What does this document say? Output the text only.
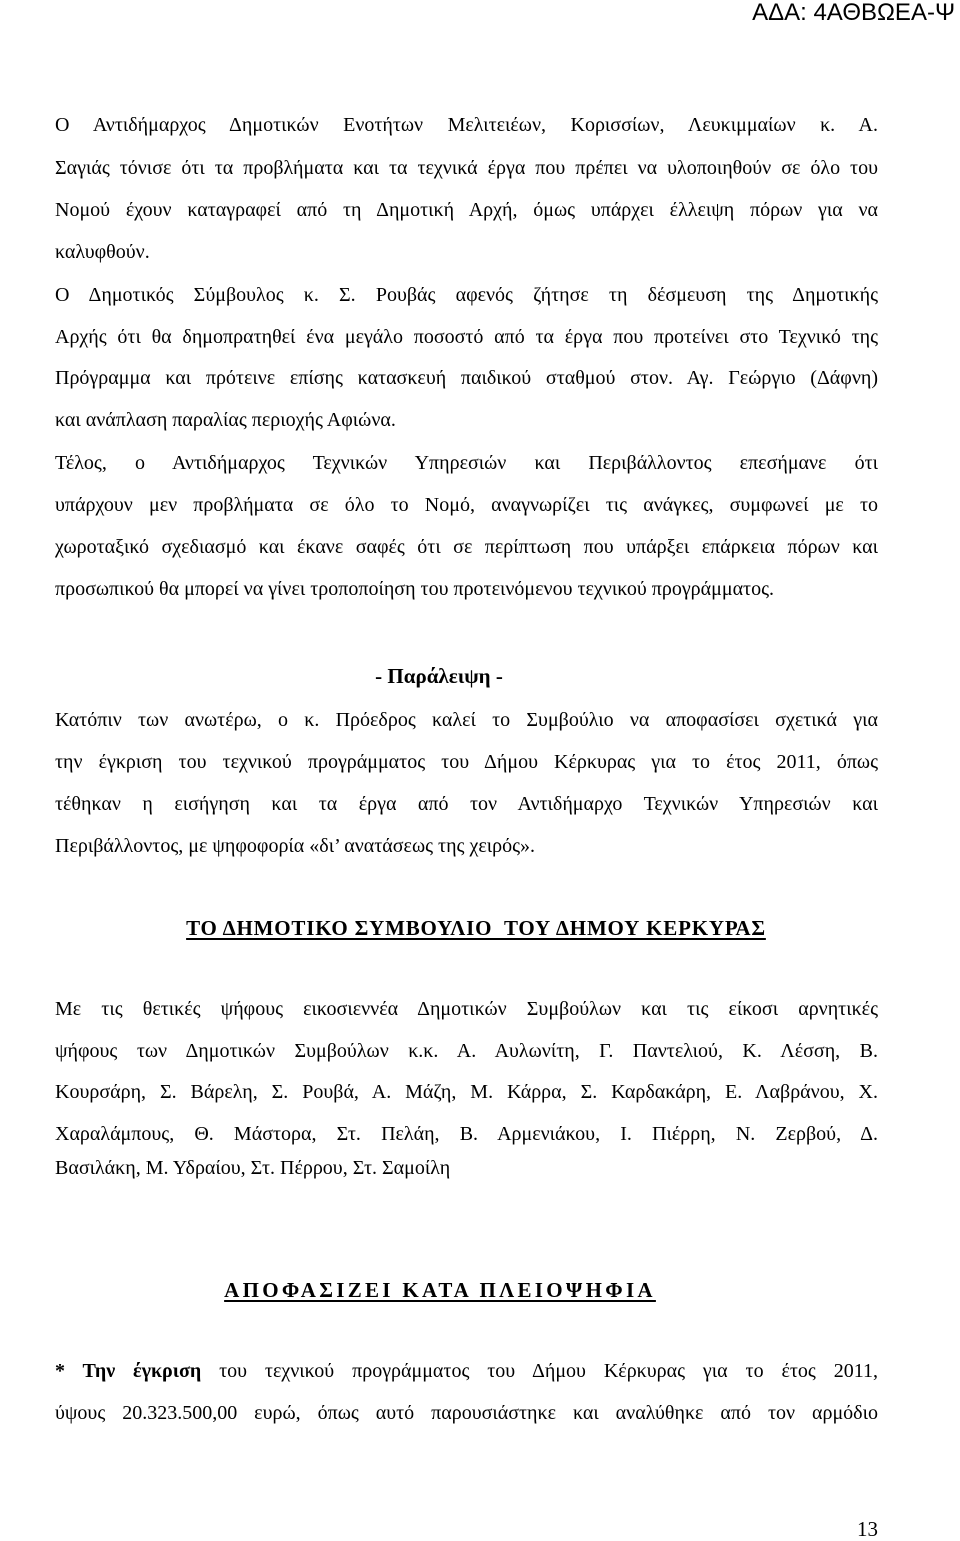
ΑΔΑ: 4ΑΘΒΩΕΑ-Ψ
Ο Αντιδήμαρχος Δημοτικών Ενοτήτων Μελιτειέων, Κορισσίων, Λευκιμμαίων κ. Α.
Σαγιάς τόνισε ότι τα προβλήματα και τα τεχνικά έργα που πρέπει να υλοποιηθούν σε όλο του
Νομού έχουν καταγραφεί από τη Δημοτική Αρχή, όμως υπάρχει έλλειψη πόρων για να
καλυφθούν.
Ο Δημοτικός Σύμβουλος κ. Σ. Ρουβάς αφενός ζήτησε τη δέσμευση της Δημοτικής
Αρχής ότι θα δημοπρατηθεί ένα μεγάλο ποσοστό από τα έργα που προτείνει στο Τεχνικό της
Πρόγραμμα και πρότεινε επίσης κατασκευή παιδικού σταθμού στον. Αγ. Γεώργιο (Δάφνη)
και ανάπλαση παραλίας περιοχής Αφιώνα.
Τέλος, ο Αντιδήμαρχος Τεχνικών Υπηρεσιών και Περιβάλλοντος επεσήμανε ότι
υπάρχουν μεν προβλήματα σε όλο το Νομό, αναγνωρίζει τις ανάγκες, συμφωνεί με το
χωροταξικό σχεδιασμό και έκανε σαφές ότι σε περίπτωση που υπάρξει επάρκεια πόρων και
προσωπικού θα μπορεί να γίνει τροποποίηση του προτεινόμενου τεχνικού προγράμματος.
- Παράλειψη -
Κατόπιν των ανωτέρω, ο κ. Πρόεδρος καλεί το Συμβούλιο να αποφασίσει σχετικά για
την έγκριση του τεχνικού προγράμματος του Δήμου Κέρκυρας για το έτος 2011, όπως
τέθηκαν η εισήγηση και τα έργα από τον Αντιδήμαρχο Τεχνικών Υπηρεσιών και
Περιβάλλοντος, με ψηφοφορία «δι’ ανατάσεως της χειρός».
ΤΟ ΔΗΜΟΤΙΚΟ ΣΥΜΒΟΥΛΙΟ  ΤΟΥ ΔΗΜΟΥ ΚΕΡΚΥΡΑΣ
Με τις θετικές ψήφους εικοσιεννέα Δημοτικών Συμβούλων και τις είκοσι αρνητικές
ψήφους των Δημοτικών Συμβούλων κ.κ. Α. Αυλωνίτη, Γ. Παντελιού, Κ. Λέσση, Β.
Κουρσάρη, Σ. Βάρελη, Σ. Ρουβά, Α. Μάζη, Μ. Κάρρα, Σ. Καρδακάρη, Ε. Λαβράνου, Χ.
Χαραλάμπους, Θ. Μάστορα, Στ. Πελάη, Β. Αρμενιάκου, Ι. Πιέρρη, Ν. Ζερβού, Δ.
Βασιλάκη, Μ. Υδραίου, Στ. Πέρρου, Στ. Σαμοίλη
ΑΠΟΦΑΣΙΖΕΙ ΚΑΤΑ ΠΛΕΙΟΨΗΦΙΑ
* Την έγκριση του τεχνικού προγράμματος του Δήμου Κέρκυρας για το έτος 2011,
ύψους 20.323.500,00 ευρώ, όπως αυτό παρουσιάστηκε και αναλύθηκε από τον αρμόδιο
13
